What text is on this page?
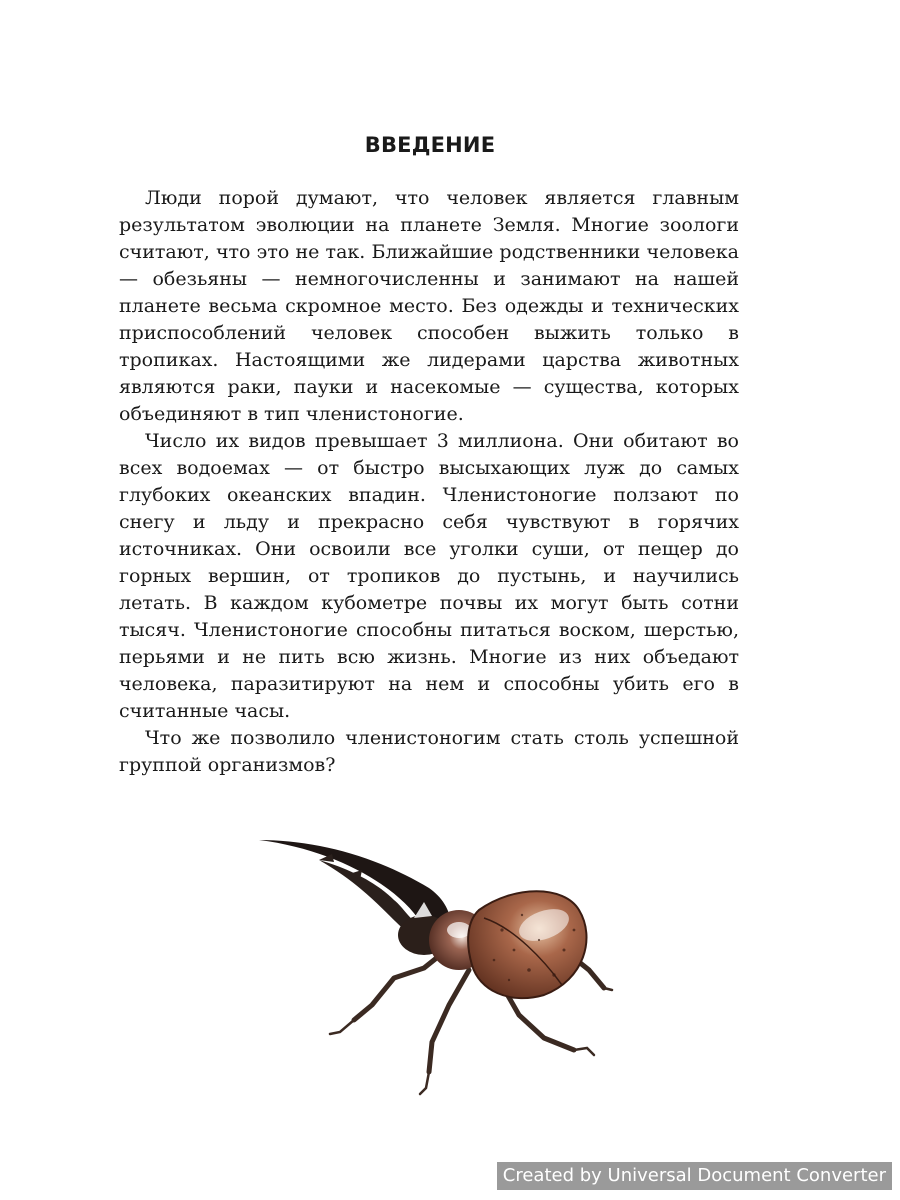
ВВЕДЕНИЕ

Люди порой думают, что человек является главным результатом эволюции на планете Земля. Многие зоологи считают, что это не так. Ближайшие родственники человека — обезьяны — немногочисленны и занимают на нашей планете весьма скромное место. Без одежды и технических приспособлений человек способен выжить только в тропиках. Настоящими же лидерами царства животных являются раки, пауки и насекомые — существа, которых объединяют в тип членистоногие.

Число их видов превышает 3 миллиона. Они обитают во всех водоемах — от быстро высыхающих луж до самых глубоких океанских впадин. Членистоногие ползают по снегу и льду и прекрасно себя чувствуют в горячих источниках. Они освоили все уголки суши, от пещер до горных вершин, от тропиков до пустынь, и научились летать. В каждом кубометре почвы их могут быть сотни тысяч. Членистоногие способны питаться воском, шерстью, перьями и не пить всю жизнь. Многие из них объедают человека, паразитируют на нем и способны убить его в считанные часы.

Что же позволило членистоногим стать столь успешной группой организмов?

Created by Universal Document Converter
